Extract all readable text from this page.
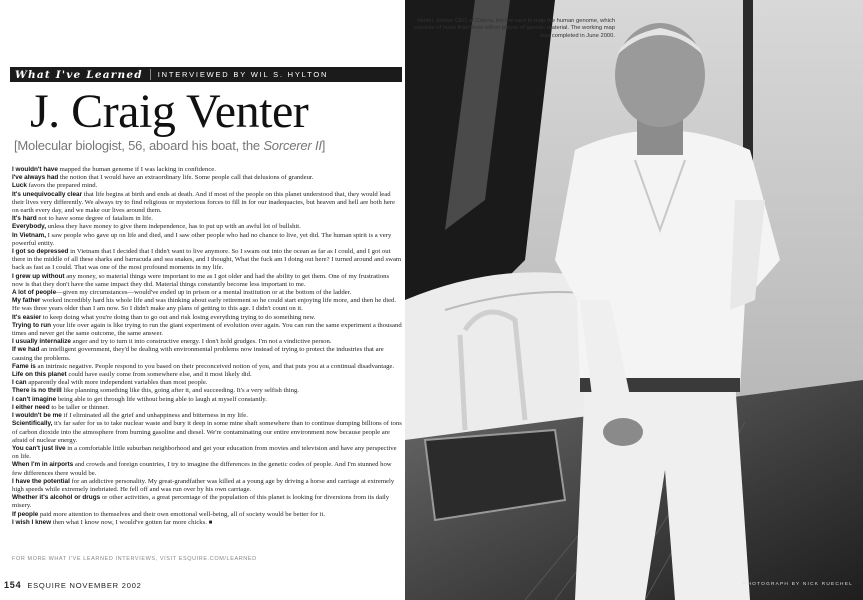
What I've Learned INTERVIEWED BY WIL S. HYLTON
J. Craig Venter
[Molecular biologist, 56, aboard his boat, the Sorcerer II]

I wouldn't have mapped the human genome if I was lacking in confidence.

I've always had the notion that I would have an extraordinary life. Some people call that delusions of grandeur.

Luck favors the prepared mind.

It's unequivocally clear that life begins at birth and ends at death. And if most of the people on this planet understood that, they would lead their lives very differently. We always try to find religious or mysterious forces to fill in for our inadequacies, but heaven and hell are both here on earth every day, and we make our lives around them.

It's hard not to have some degree of fatalism in life.

Everybody, unless they have money to give them independence, has to put up with an awful lot of bullshit.

In Vietnam, I saw people who gave up on life and died, and I saw other people who had no chance to live, yet did. The human spirit is a very powerful entity.

I got so depressed in Vietnam that I decided that I didn't want to live anymore. So I swam out into the ocean as far as I could, and I got out there in the middle of all these sharks and barracuda and sea snakes, and I thought, What the fuck am I doing out here? I turned around and swam back as fast as I could. That was one of the most profound moments in my life.

I grew up without any money, so material things were important to me as I got older and had the ability to get them. One of my frustrations now is that they don't have the same impact they did. Material things constantly become less important to me.

A lot of people—given my circumstances—would've ended up in prison or a mental institution or at the bottom of the ladder.

My father worked incredibly hard his whole life and was thinking about early retirement so he could start enjoying life more, and then he died. He was three years older than I am now. So I didn't make any plans of getting to this age. I didn't count on it.

It's easier to keep doing what you're doing than to go out and risk losing everything trying to do something new.

Trying to run your life over again is like trying to run the giant experiment of evolution over again. You can run the same experiment a thousand times and never get the same outcome, the same answer.

I usually internalize anger and try to turn it into constructive energy. I don't hold grudges. I'm not a vindictive person.

If we had an intelligent government, they'd be dealing with environmental problems now instead of trying to protect the industries that are causing the problems.

Fame is an intrinsic negative. People respond to you based on their preconceived notion of you, and that puts you at a continual disadvantage.

Life on this planet could have easily come from somewhere else, and it most likely did.

I can apparently deal with more independent variables than most people.

There is no thrill like planning something like this, going after it, and succeeding. It's a very selfish thing.

I can't imagine being able to get through life without being able to laugh at myself constantly.

I either need to be taller or thinner.

I wouldn't be me if I eliminated all the grief and unhappiness and bitterness in my life.

Scientifically, it's far safer for us to take nuclear waste and bury it deep in some mine shaft somewhere than to continue dumping billions of tons of carbon dioxide into the atmosphere from burning gasoline and diesel. We're contaminating our entire environment now because people are afraid of nuclear energy.

You can't just live in a comfortable little suburban neighborhood and get your education from movies and television and have any perspective on life.

When I'm in airports and crowds and foreign countries, I try to imagine the differences in the genetic codes of people. And I'm stunned how few differences there would be.

I have the potential for an addictive personality. My great-grandfather was killed at a young age by driving a horse and carriage at extremely high speeds while extremely inebriated. He fell off and was run over by his own carriage.

Whether it's alcohol or drugs or other activities, a great percentage of the population of this planet is looking for diversions from its daily misery.

If people paid more attention to themselves and their own emotional well-being, all of society would be better for it.

I wish I knew then what I know now, I would've gotten far more chicks. ■

FOR MORE WHAT I'VE LEARNED INTERVIEWS, VISIT ESQUIRE.COM/LEARNED
154 ESQUIRE NOVEMBER 2002	PHOTOGRAPH BY NICK RUECHEL
Venter, former CEO of Celera, led the race to map the human genome, which consists of more than three billion pieces of genetic material. The working map was completed in June 2000.
